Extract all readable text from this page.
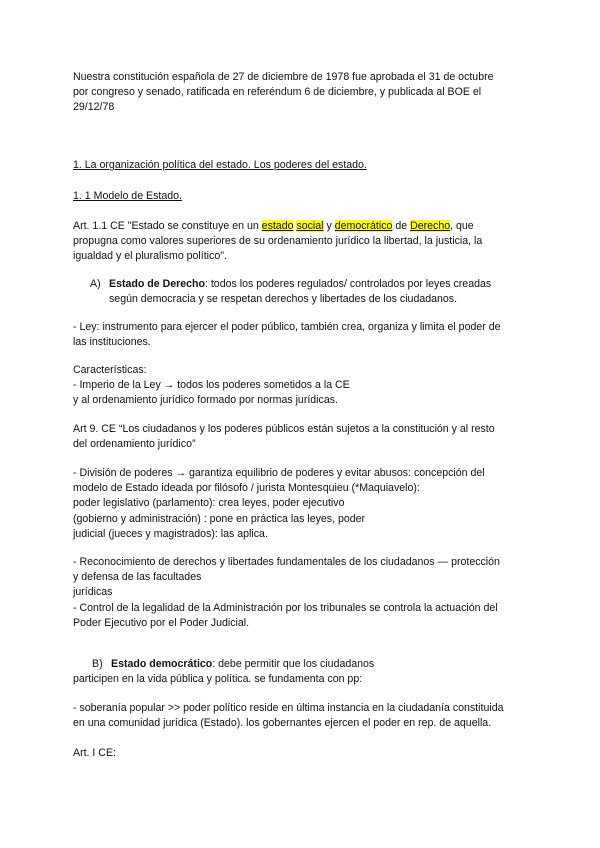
Nuestra constitución española de 27 de diciembre de 1978 fue aprobada el 31 de octubre

por congreso y senado, ratificada en referéndum 6 de diciembre, y publicada al BOE el

29/12/78

1. La organización política del estado. Los poderes del estado.

1. 1 Modelo de Estado.

Art. 1.1 CE "Estado se constituye en un estado social y democrático de Derecho, que

propugna como valores superiores de su ordenamiento jurídico la libertad, la justicia, la

igualdad y el pluralismo político".

A) Estado de Derecho: todos los poderes regulados/ controlados por leyes creadas

según democracia y se respetan derechos y libertades de los ciudadanos.

- Ley: instrumento para ejercer el poder público, también crea, organiza y limita el poder de

las instituciones.

Características:

- Imperio de la Ley → todos los poderes sometidos a la CE

y al ordenamiento jurídico formado por normas jurídicas.

Art 9. CE “Los ciudadanos y los poderes públicos están sujetos a la constitución y al resto

del ordenamiento jurídico”

- División de poderes → garantiza equilibrio de poderes y evitar abusos: concepción del

modelo de Estado ideada por filósofo / jurista Montesquieu (*Maquiavelo):

poder legislativo (parlamento): crea leyes, poder ejecutivo

(gobierno y administración) : pone en práctica las leyes, poder

judicial (jueces y magistrados): las aplica.

- Reconocimiento de derechos y libertades fundamentales de los ciudadanos — protección

y defensa de las facultades

jurídicas

- Control de la legalidad de la Administración por los tribunales se controla la actuación del

Poder Ejecutivo por el Poder Judicial.

B) Estado democrático: debe permitir que los ciudadanos

participen en la vida pública y política. se fundamenta con pp:

- soberanía popular >> poder político reside en última instancia en la ciudadanía constituida

en una comunidad jurídica (Estado). los gobernantes ejercen el poder en rep. de aquella.

Art. I CE:
